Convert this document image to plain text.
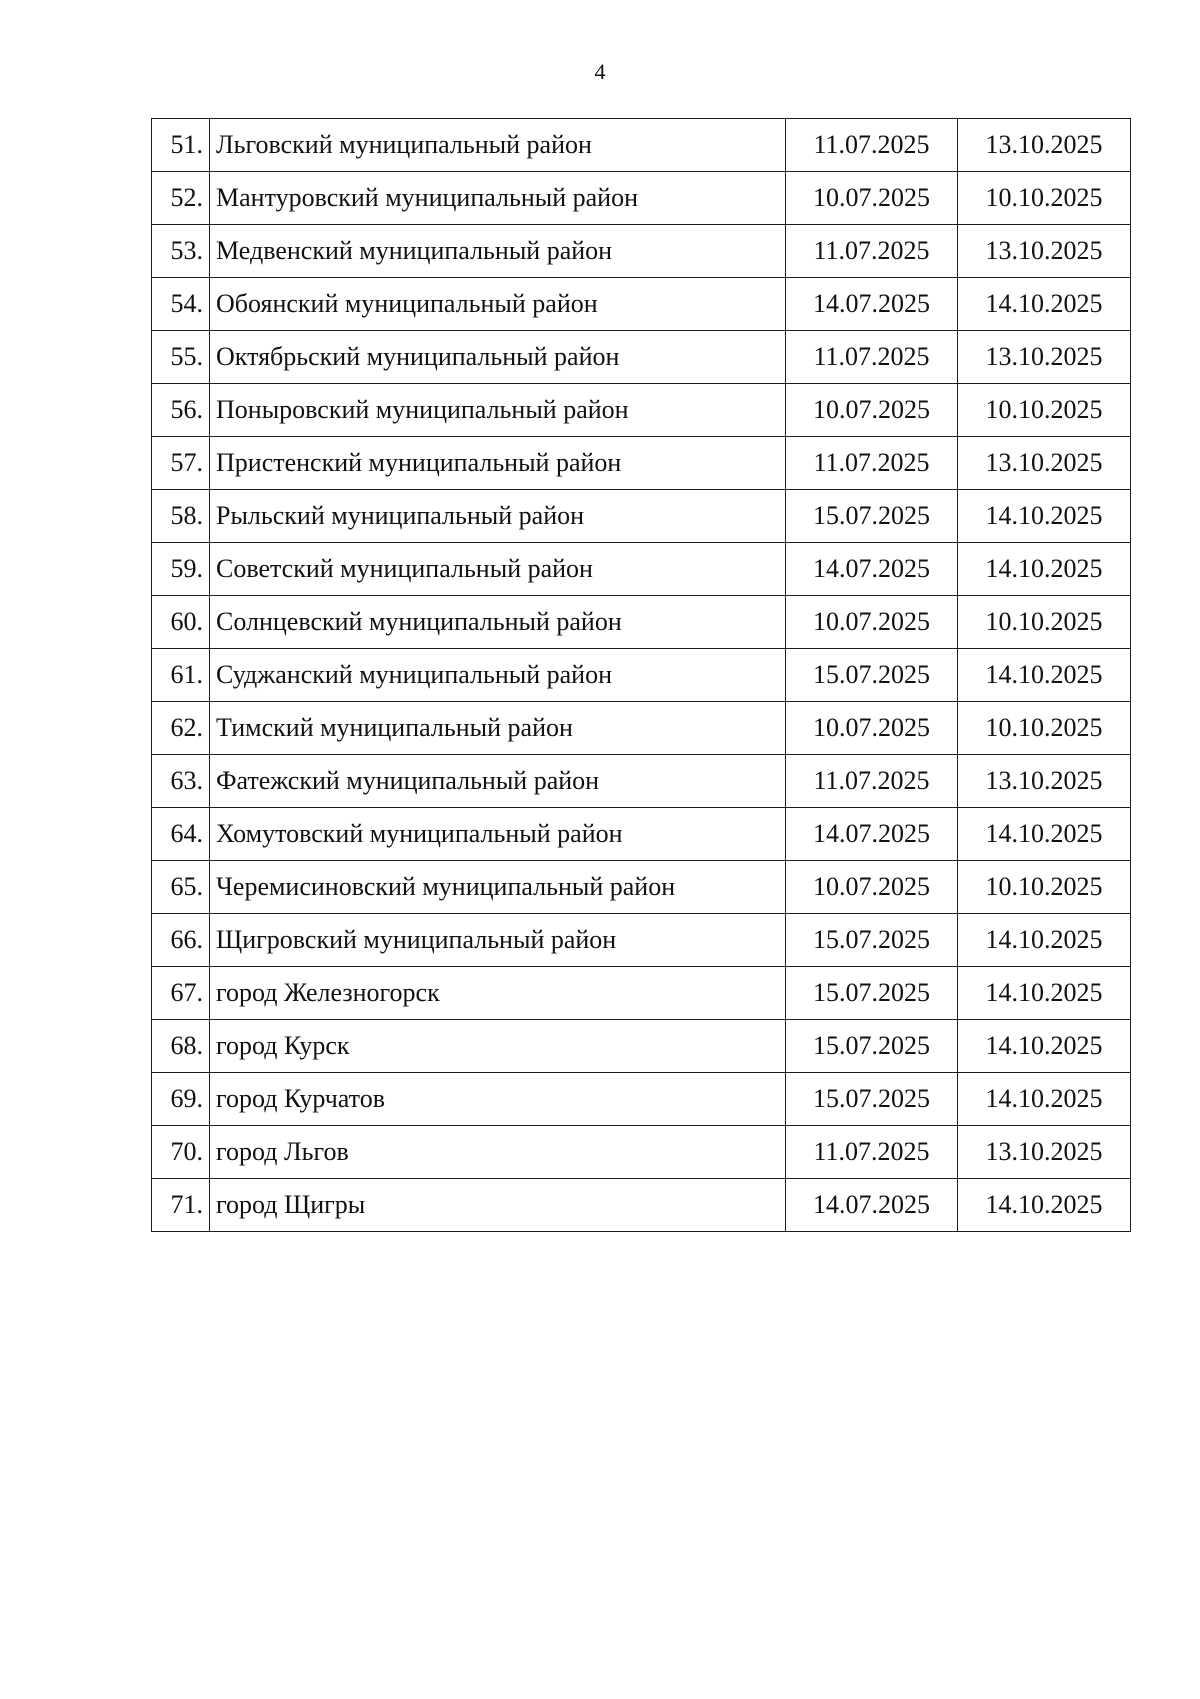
4
51.	Льговский муниципальный район	11.07.2025	13.10.2025
52.	Мантуровский муниципальный район	10.07.2025	10.10.2025
53.	Медвенский муниципальный район	11.07.2025	13.10.2025
54.	Обоянский муниципальный район	14.07.2025	14.10.2025
55.	Октябрьский муниципальный район	11.07.2025	13.10.2025
56.	Поныровский муниципальный район	10.07.2025	10.10.2025
57.	Пристенский муниципальный район	11.07.2025	13.10.2025
58.	Рыльский муниципальный район	15.07.2025	14.10.2025
59.	Советский муниципальный район	14.07.2025	14.10.2025
60.	Солнцевский муниципальный район	10.07.2025	10.10.2025
61.	Суджанский муниципальный район	15.07.2025	14.10.2025
62.	Тимский муниципальный район	10.07.2025	10.10.2025
63.	Фатежский муниципальный район	11.07.2025	13.10.2025
64.	Хомутовский муниципальный район	14.07.2025	14.10.2025
65.	Черемисиновский муниципальный район	10.07.2025	10.10.2025
66.	Щигровский муниципальный район	15.07.2025	14.10.2025
67.	город Железногорск	15.07.2025	14.10.2025
68.	город Курск	15.07.2025	14.10.2025
69.	город Курчатов	15.07.2025	14.10.2025
70.	город Льгов	11.07.2025	13.10.2025
71.	город Щигры	14.07.2025	14.10.2025
